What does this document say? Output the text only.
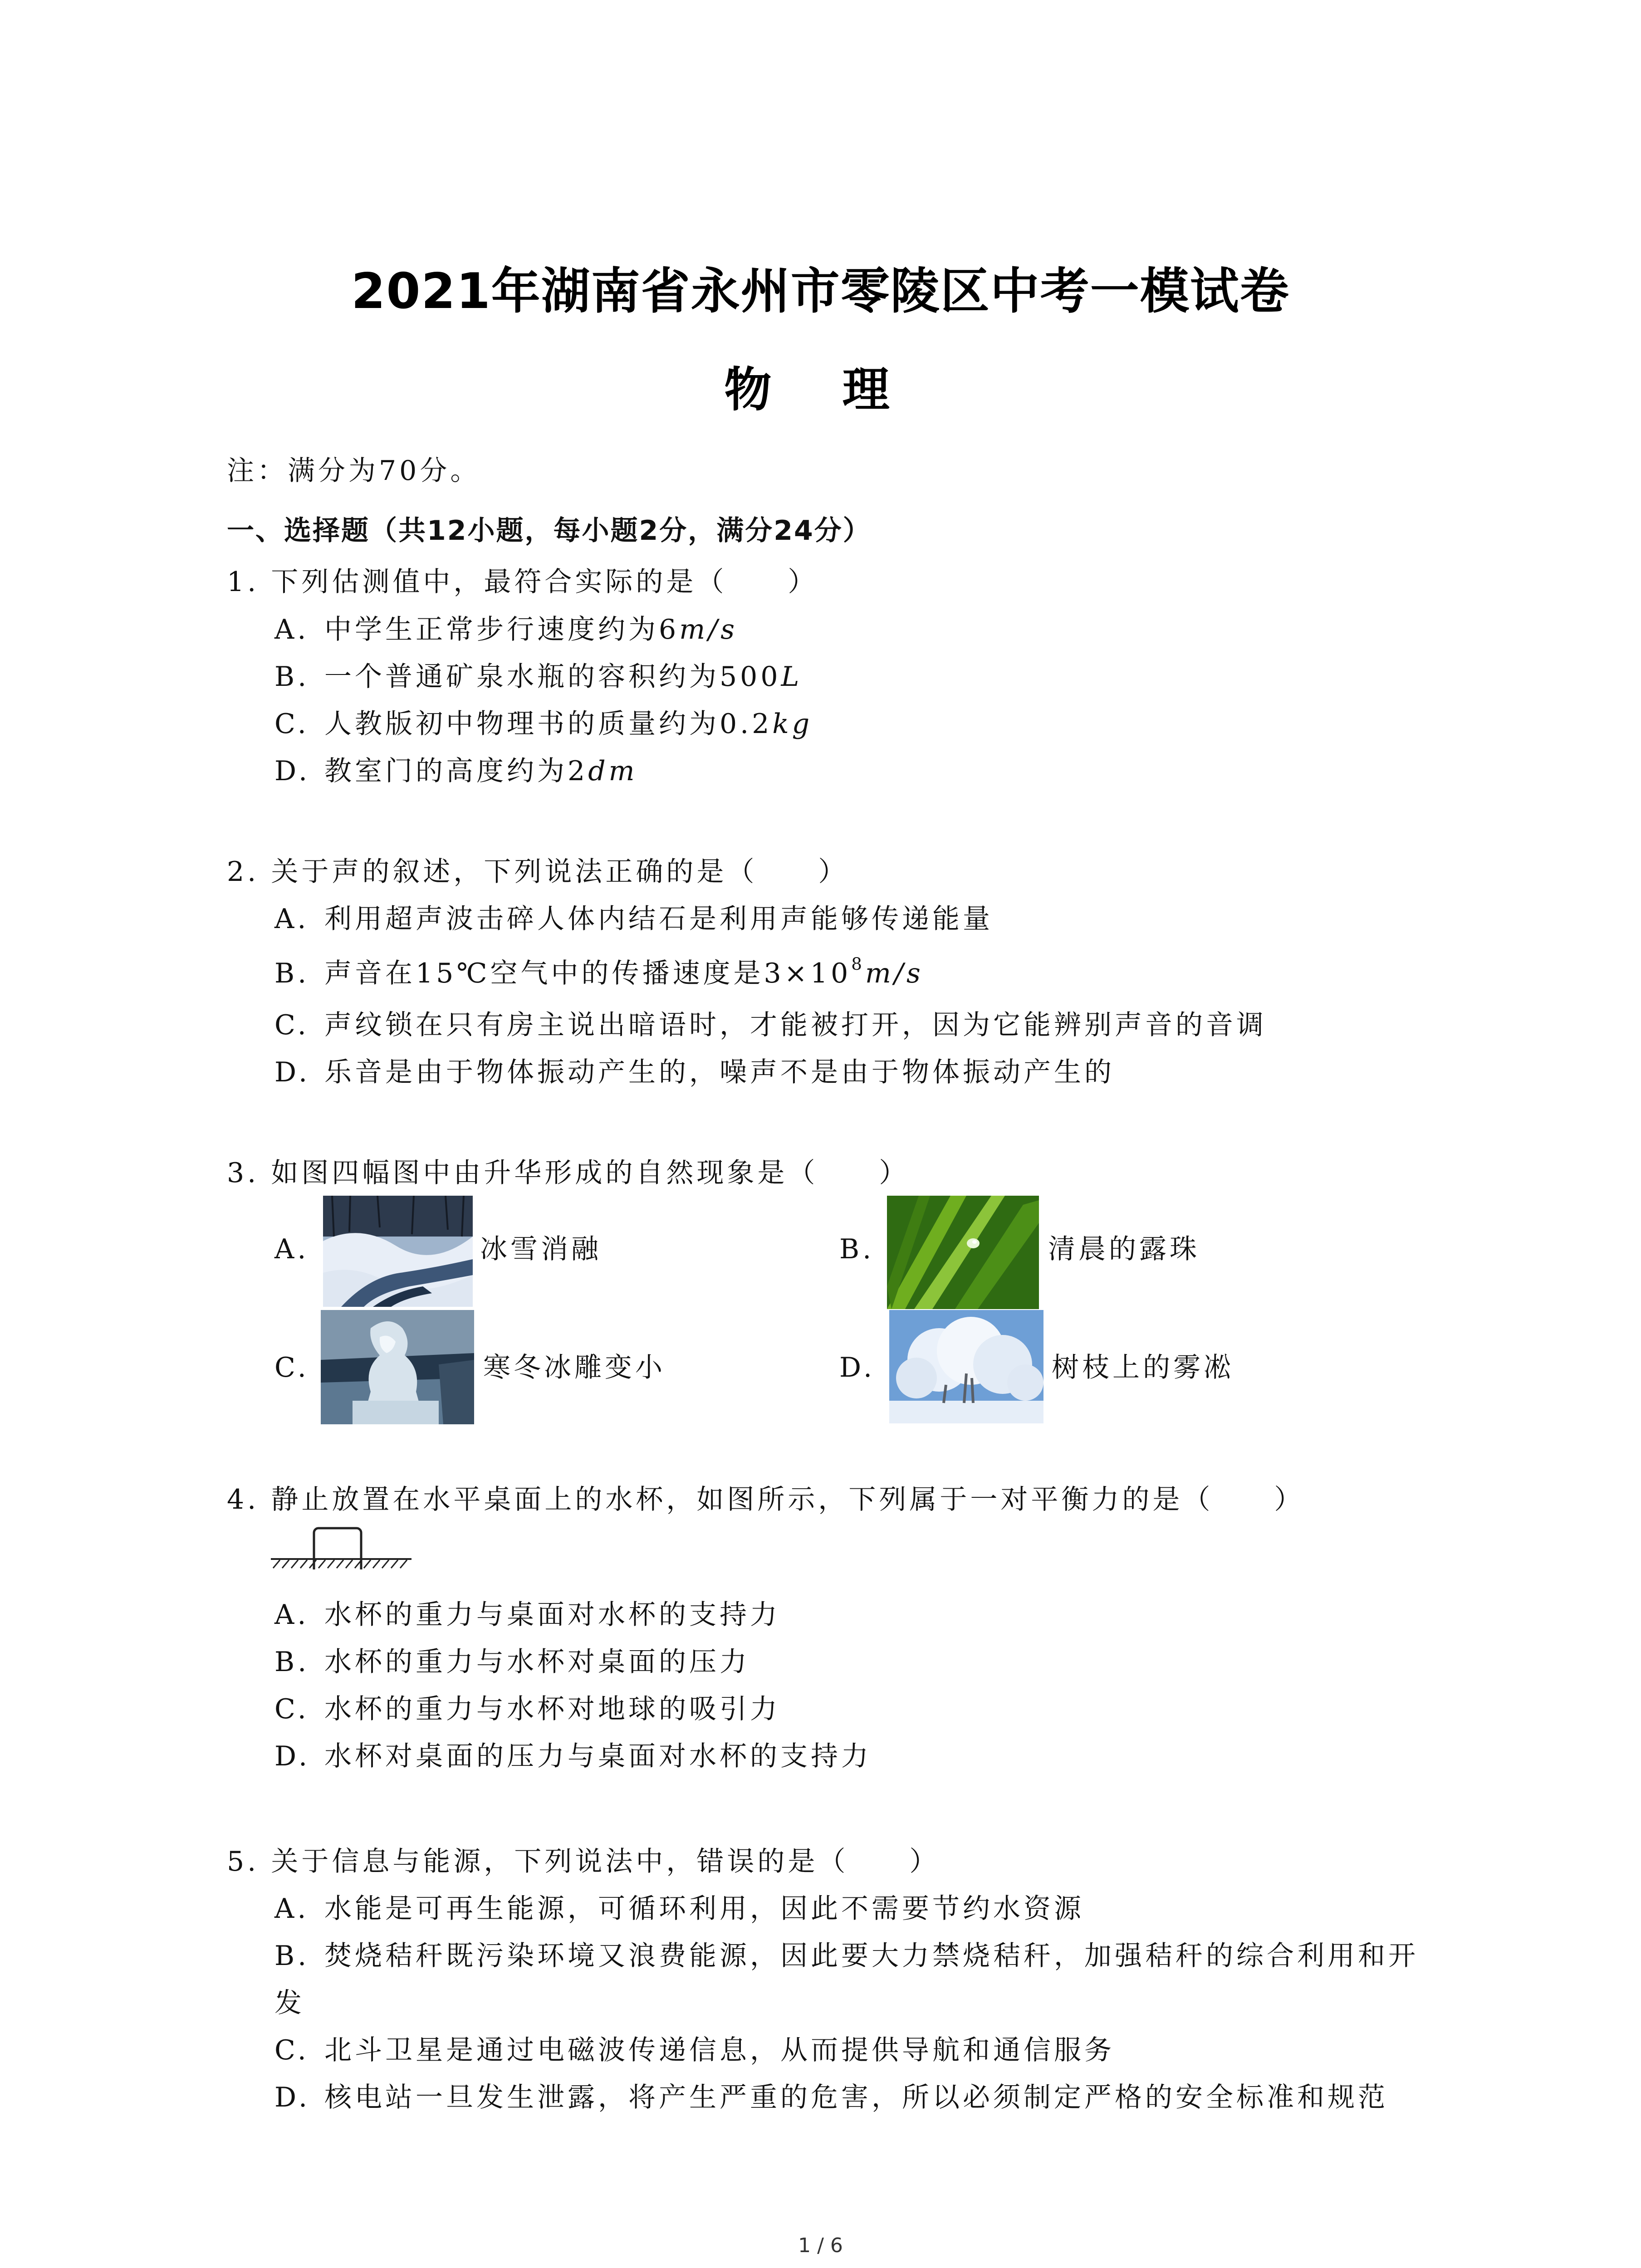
2021年湖南省永州市零陵区中考一模试卷
物 理
注：满分为70分。
一、选择题（共12小题，每小题2分，满分24分）
1. 下列估测值中，最符合实际的是（　　）
A. 中学生正常步行速度约为6m/s
B. 一个普通矿泉水瓶的容积约为500L
C. 人教版初中物理书的质量约为0.2kg
D. 教室门的高度约为2dm
2. 关于声的叙述，下列说法正确的是（　　）
A. 利用超声波击碎人体内结石是利用声能够传递能量
B. 声音在15℃空气中的传播速度是$3\times 10^8m/s$
C. 声纹锁在只有房主说出暗语时，才能被打开，因为它能辨别声音的音调
D. 乐音是由于物体振动产生的，噪声不是由于物体振动产生的
3. 如图四幅图中由升华形成的自然现象是（　　）
A.	冰雪消融	B.	清晨的露珠
C.	寒冬冰雕变小	D.	树枝上的雾凇
4. 静止放置在水平桌面上的水杯，如图所示，下列属于一对平衡力的是（　　）
A. 水杯的重力与桌面对水杯的支持力
B. 水杯的重力与水杯对桌面的压力
C. 水杯的重力与水杯对地球的吸引力
D. 水杯对桌面的压力与桌面对水杯的支持力
5. 关于信息与能源，下列说法中，错误的是（　　）
A. 水能是可再生能源，可循环利用，因此不需要节约水资源
B. 焚烧秸秆既污染环境又浪费能源，因此要大力禁烧秸秆，加强秸秆的综合利用和开
发
C. 北斗卫星是通过电磁波传递信息，从而提供导航和通信服务
D. 核电站一旦发生泄露，将产生严重的危害，所以必须制定严格的安全标准和规范
1 / 6
